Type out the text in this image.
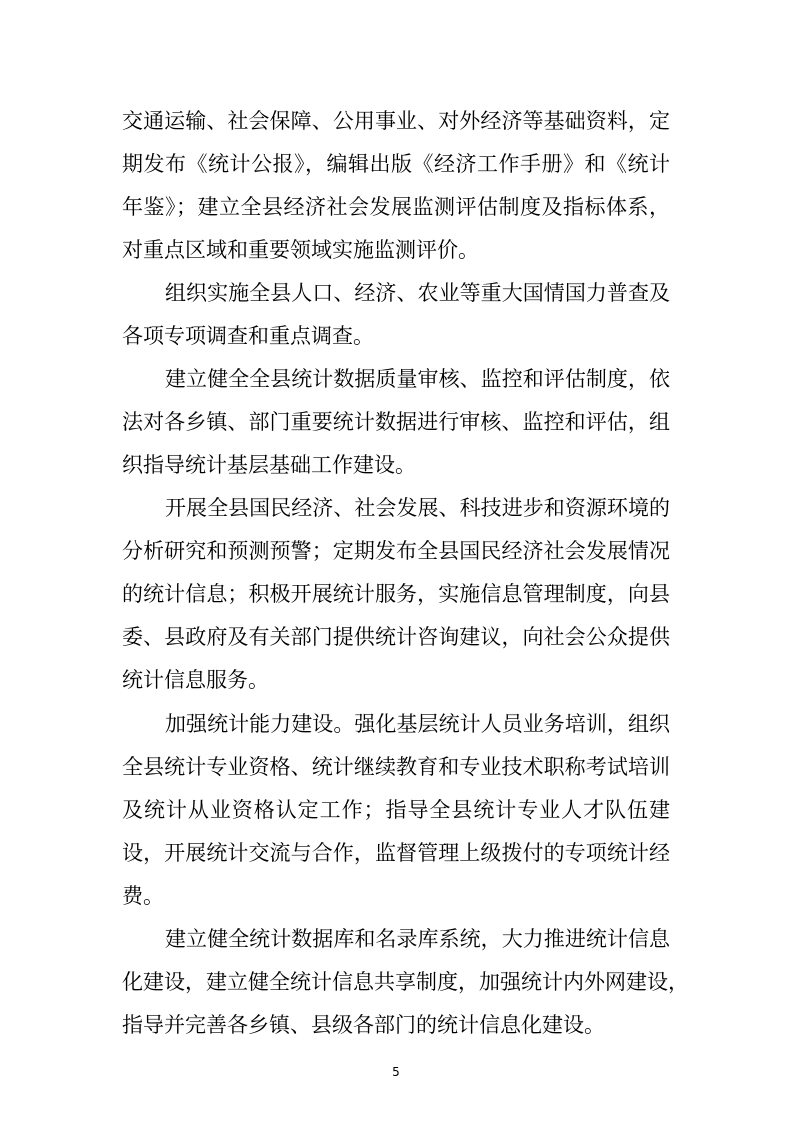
交通运输、社会保障、公用事业、对外经济等基础资料，定
期发布《统计公报》，编辑出版《经济工作手册》和《统计
年鉴》；建立全县经济社会发展监测评估制度及指标体系，
对重点区域和重要领域实施监测评价。
组织实施全县人口、经济、农业等重大国情国力普查及
各项专项调查和重点调查。
建立健全全县统计数据质量审核、监控和评估制度，依
法对各乡镇、部门重要统计数据进行审核、监控和评估，组
织指导统计基层基础工作建设。
开展全县国民经济、社会发展、科技进步和资源环境的
分析研究和预测预警；定期发布全县国民经济社会发展情况
的统计信息；积极开展统计服务，实施信息管理制度，向县
委、县政府及有关部门提供统计咨询建议，向社会公众提供
统计信息服务。
加强统计能力建设。强化基层统计人员业务培训，组织
全县统计专业资格、统计继续教育和专业技术职称考试培训
及统计从业资格认定工作；指导全县统计专业人才队伍建
设，开展统计交流与合作，监督管理上级拨付的专项统计经
费。
建立健全统计数据库和名录库系统，大力推进统计信息
化建设，建立健全统计信息共享制度，加强统计内外网建设，
指导并完善各乡镇、县级各部门的统计信息化建设。
5
